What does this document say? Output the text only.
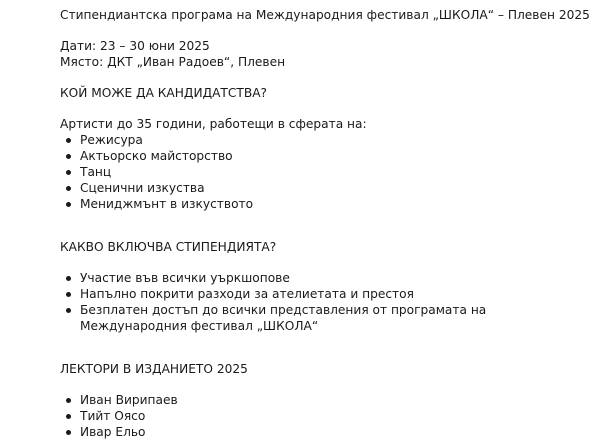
Стипендиантска програма на Международния фестивал „ШКОЛА“ – Плевен 2025

Дати: 23 – 30 юни 2025

Място: ДКТ „Иван Радоев“, Плевен

КОЙ МОЖЕ ДА КАНДИДАТСТВА?

Артисти до 35 години, работещи в сферата на:

Режисура
Актьорско майсторство
Танц
Сценични изкуства
Мениджмънт в изкуството

КАКВО ВКЛЮЧВА СТИПЕНДИЯТА?

Участие във всички уъркшопове
Напълно покрити разходи за ателиетата и престоя
Безплатен достъп до всички представления от програмата на Международния фестивал „ШКОЛА“

ЛЕКТОРИ В ИЗДАНИЕТО 2025

Иван Вирипаев
Тийт Оясо
Ивар Ельо
